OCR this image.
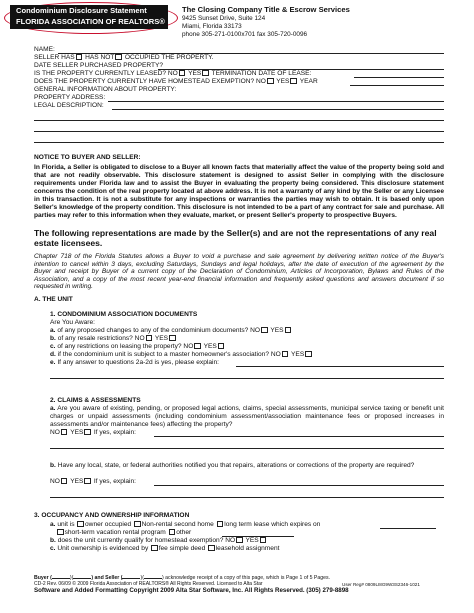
Condominium Disclosure Statement
FLORIDA ASSOCIATION OF REALTORS®
The Closing Company Title & Escrow Services
9425 Sunset Drive, Suite 124
Miami, Florida 33173
phone 305-271-0100x701 fax 305-720-0096
NAME:
SELLER HAS HAS NOT OCCUPIED THE PROPERTY.
DATE SELLER PURCHASED PROPERTY?
IS THE PROPERTY CURRENTLY LEASED? NO YES TERMINATION DATE OF LEASE:
DOES THE PROPERTY CURRENTLY HAVE HOMESTEAD EXEMPTION? NO YES YEAR
GENERAL INFORMATION ABOUT PROPERTY:
PROPERTY ADDRESS:
LEGAL DESCRIPTION:
NOTICE TO BUYER AND SELLER:
In Florida, a Seller is obligated to disclose to a Buyer all known facts that materially affect the value of the property being sold and that are not readily observable. This disclosure statement is designed to assist Seller in complying with the disclosure requirements under Florida law and to assist the Buyer in evaluating the property being considered. This disclosure statement concerns the condition of the real property located at above address. It is not a warranty of any kind by the Seller or any Licensee in this transaction. It is not a substitute for any inspections or warranties the parties may wish to obtain. It is based only upon Seller's knowledge of the property condition. This disclosure is not intended to be a part of any contract for sale and purchase. All parties may refer to this information when they evaluate, market, or present Seller's property to prospective Buyers.
The following representations are made by the Seller(s) and are not the representations of any real estate licensees.
Chapter 718 of the Florida Statutes allows a Buyer to void a purchase and sale agreement by delivering written notice of the Buyer's intention to cancel within 3 days, excluding Saturdays, Sundays and legal holidays, after the date of execution of the agreement by the Buyer and receipt by Buyer of a current copy of the Declaration of Condominium, Articles of Incorporation, Bylaws and Rules of the Association, and a copy of the most recent year-end financial information and frequently asked questions and answers document if so requested in writing.
A. THE UNIT
1. CONDOMINIUM ASSOCIATION DOCUMENTS
Are You Aware:
a. of any proposed changes to any of the condominium documents? NO YES
b. of any resale restrictions? NO YES
c. of any restrictions on leasing the property? NO YES
d. if the condominium unit is subject to a master homeowner's association? NO YES
e. If any answer to questions 2a-2d is yes, please explain:
2. CLAIMS & ASSESSMENTS
a. Are you aware of existing, pending, or proposed legal actions, claims, special assessments, municipal service taxing or benefit unit charges or unpaid assessments (including condominium assessment/association maintenance fees or proposed increases in assessments and/or maintenance fees) affecting the property?
NO YES If yes, explain:
b. Have any local, state, or federal authorities notified you that repairs, alterations or corrections of the property are required?
NO YES If yes, explain:
3. OCCUPANCY AND OWNERSHIP INFORMATION
a. unit is owner occupied Non-rental second home long term lease which expires on
short-term vacation rental program other
b. does the unit currently qualify for homestead exemption? NO YES
c. Unit ownership is evidenced by fee simple deed leasehold assignment
Buyer (	)(	) and Seller (	)(	) acknowledge receipt of a copy of this page, which is Page 1 of 5 Pages.
CD-2 Rev. 06/09 © 2009 Florida Association of REALTORS® All Rights Reserved. Licensed to Alta Star	User Reg# 0809LI8G9W3S2346-1021
Software and Added Formatting Copyright 2009 Alta Star Software, Inc. All Rights Reserved. (305) 279-8898
